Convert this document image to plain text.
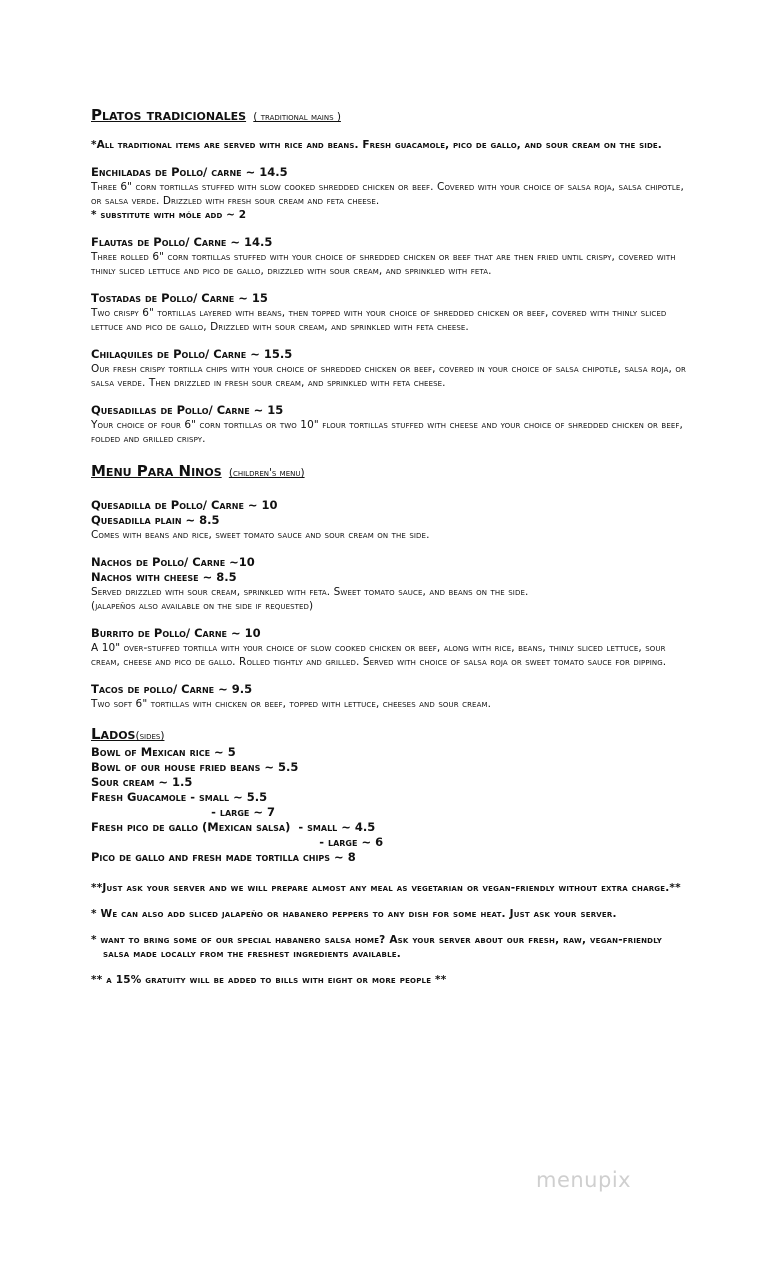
Platos tradicionales ( traditional mains )
*All traditional items are served with rice and beans. Fresh guacamole, pico de gallo, and sour cream on the side.
Enchiladas de Pollo/ carne ~ 14.5
Three 6" corn tortillas stuffed with slow cooked shredded chicken or beef. Covered with your choice of salsa roja, salsa chipotle, or salsa verde. Drizzled with fresh sour cream and feta cheese.
* substitute with móle add ~ 2
Flautas de Pollo/ Carne ~ 14.5
Three rolled 6" corn tortillas stuffed with your choice of shredded chicken or beef that are then fried until crispy, covered with thinly sliced lettuce and pico de gallo, drizzled with sour cream, and sprinkled with feta.
Tostadas de Pollo/ Carne ~ 15
Two crispy 6" tortillas layered with beans, then topped with your choice of shredded chicken or beef, covered with thinly sliced lettuce and pico de gallo, Drizzled with sour cream, and sprinkled with feta cheese.
Chilaquiles de Pollo/ Carne ~ 15.5
Our fresh crispy tortilla chips with your choice of shredded chicken or beef, covered in your choice of salsa chipotle, salsa roja, or salsa verde. Then drizzled in fresh sour cream, and sprinkled with feta cheese.
Quesadillas de Pollo/ Carne ~ 15
Your choice of four 6" corn tortillas or two 10" flour tortillas stuffed with cheese and your choice of shredded chicken or beef, folded and grilled crispy.
Menu Para Ninos (children's menu)
Quesadilla de Pollo/ Carne ~ 10
Quesadilla plain ~ 8.5
Comes with beans and rice, sweet tomato sauce and sour cream on the side.
Nachos de Pollo/ Carne ~10
Nachos with cheese ~ 8.5
Served drizzled with sour cream, sprinkled with feta. Sweet tomato sauce, and beans on the side.
(jalapeños also available on the side if requested)
Burrito de Pollo/ Carne ~ 10
A 10" over-stuffed tortilla with your choice of slow cooked chicken or beef, along with rice, beans, thinly sliced lettuce, sour cream, cheese and pico de gallo. Rolled tightly and grilled. Served with choice of salsa roja or sweet tomato sauce for dipping.
Tacos de pollo/ Carne ~ 9.5
Two soft 6" tortillas with chicken or beef, topped with lettuce, cheeses and sour cream.
Lados(sides)
Bowl of Mexican rice ~ 5
Bowl of our house fried beans ~ 5.5
Sour cream ~ 1.5
Fresh Guacamole - small ~ 5.5
- large ~ 7
Fresh pico de gallo (Mexican salsa)  - small ~ 4.5
- large ~ 6
Pico de gallo and fresh made tortilla chips ~ 8
**Just ask your server and we will prepare almost any meal as vegetarian or vegan-friendly without extra charge.**
* We can also add sliced jalapeño or habanero peppers to any dish for some heat. Just ask your server.
* want to bring some of our special habanero salsa home? Ask your server about our fresh, raw, vegan-friendly salsa made locally from the freshest ingredients available.
** a 15% gratuity will be added to bills with eight or more people **
menupix
